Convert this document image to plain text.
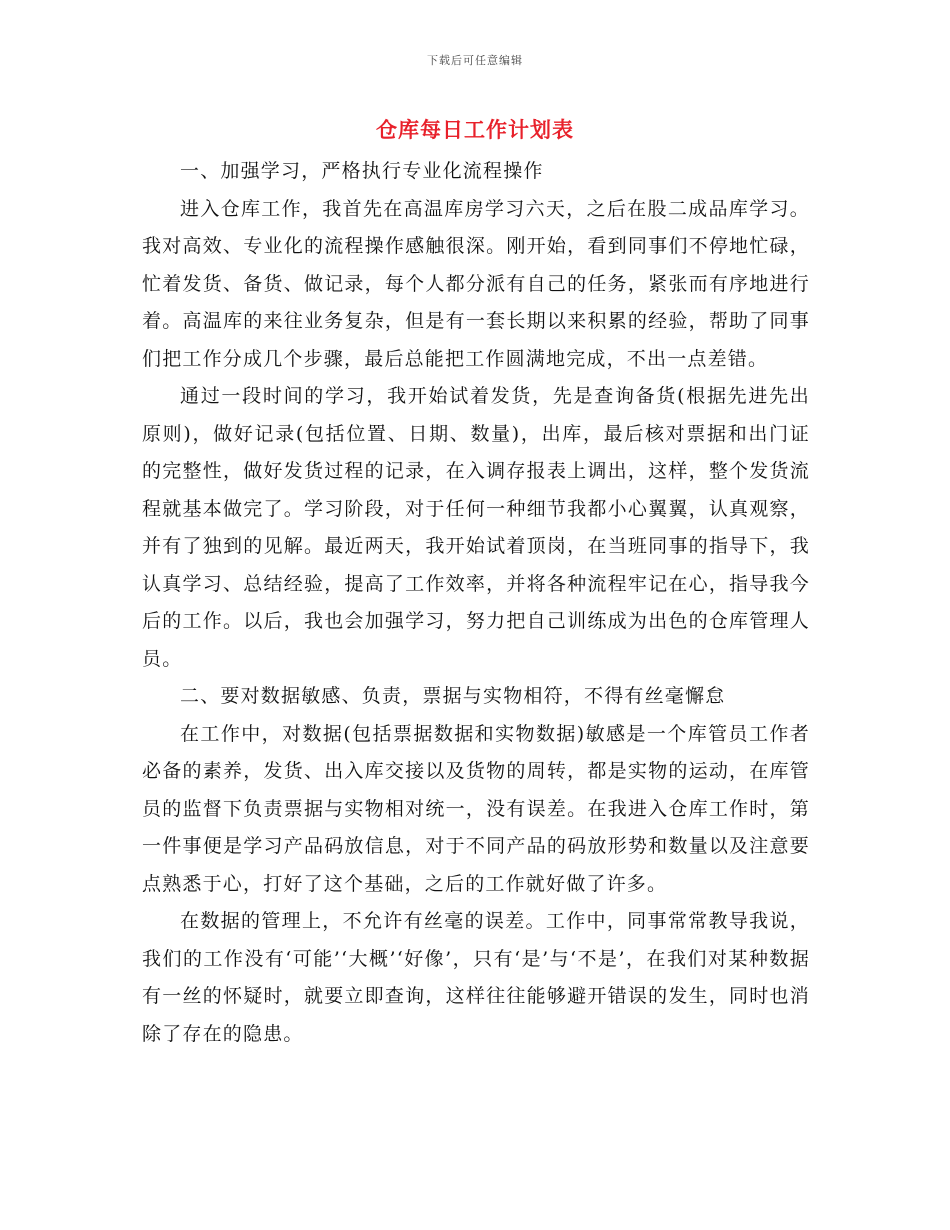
下载后可任意编辑
仓库每日工作计划表

一、加强学习，严格执行专业化流程操作

进入仓库工作，我首先在高温库房学习六天，之后在股二成品库学习。我对高效、专业化的流程操作感触很深。刚开始，看到同事们不停地忙碌，忙着发货、备货、做记录，每个人都分派有自己的任务，紧张而有序地进行着。高温库的来往业务复杂，但是有一套长期以来积累的经验，帮助了同事们把工作分成几个步骤，最后总能把工作圆满地完成，不出一点差错。

通过一段时间的学习，我开始试着发货，先是查询备货(根据先进先出原则)，做好记录(包括位置、日期、数量)，出库，最后核对票据和出门证的完整性，做好发货过程的记录，在入调存报表上调出，这样，整个发货流程就基本做完了。学习阶段，对于任何一种细节我都小心翼翼，认真观察，并有了独到的见解。最近两天，我开始试着顶岗，在当班同事的指导下，我认真学习、总结经验，提高了工作效率，并将各种流程牢记在心，指导我今后的工作。以后，我也会加强学习，努力把自己训练成为出色的仓库管理人员。

二、要对数据敏感、负责，票据与实物相符，不得有丝毫懈怠

在工作中，对数据(包括票据数据和实物数据)敏感是一个库管员工作者必备的素养，发货、出入库交接以及货物的周转，都是实物的运动，在库管员的监督下负责票据与实物相对统一，没有误差。在我进入仓库工作时，第一件事便是学习产品码放信息，对于不同产品的码放形势和数量以及注意要点熟悉于心，打好了这个基础，之后的工作就好做了许多。

在数据的管理上，不允许有丝毫的误差。工作中，同事常常教导我说，我们的工作没有‘可能’‘大概’‘好像’，只有‘是’与‘不是’，在我们对某种数据有一丝的怀疑时，就要立即查询，这样往往能够避开错误的发生，同时也消除了存在的隐患。
